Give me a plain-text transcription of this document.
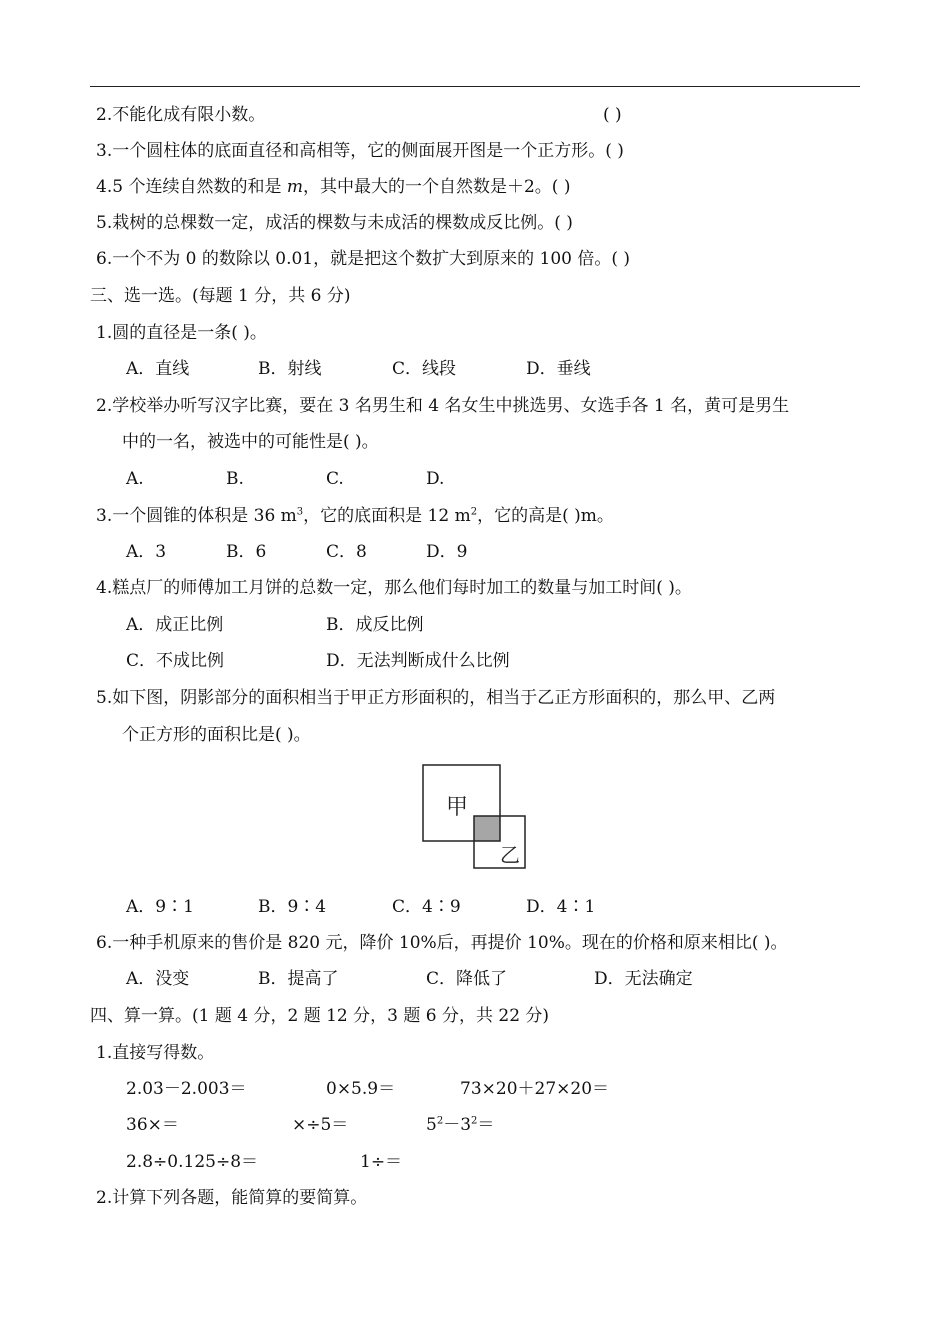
2.不能化成有限小数。	( )
3.一个圆柱体的底面直径和高相等，它的侧面展开图是一个正方形。( )
4.5 个连续自然数的和是 m，其中最大的一个自然数是＋2。( )
5.栽树的总棵数一定，成活的棵数与未成活的棵数成反比例。( )
6.一个不为 0 的数除以 0.01，就是把这个数扩大到原来的 100 倍。( )
三、选一选。(每题 1 分，共 6 分)
1.圆的直径是一条( )。
A．直线	B．射线	C．线段	D．垂线
2.学校举办听写汉字比赛，要在 3 名男生和 4 名女生中挑选男、女选手各 1 名，黄可是男生
中的一名，被选中的可能性是( )。
A.	B.	C.	D.
3.一个圆锥的体积是 36 $m^3$，它的底面积是 12 $m^2$，它的高是( )m。
A．3	B．6	C．8	D．9
4.糕点厂的师傅加工月饼的总数一定，那么他们每时加工的数量与加工时间( )。
A．成正比例	B．成反比例
C．不成比例	D．无法判断成什么比例
5.如下图，阴影部分的面积相当于甲正方形面积的，相当于乙正方形面积的，那么甲、乙两
个正方形的面积比是( )。
甲
乙
A．9∶1	B．9∶4	C．4∶9	D．4∶1
6.一种手机原来的售价是 820 元，降价 10%后，再提价 10%。现在的价格和原来相比( )。
A．没变	B．提高了	C．降低了	D．无法确定
四、算一算。(1 题 4 分，2 题 12 分，3 题 6 分，共 22 分)
1.直接写得数。
2.03－2.003＝	0×5.9＝	73×20＋27×20＝
36×＝	×÷5＝	$5^2-3^2=$
2.8÷0.125÷8＝	1÷＝
2.计算下列各题，能简算的要简算。
